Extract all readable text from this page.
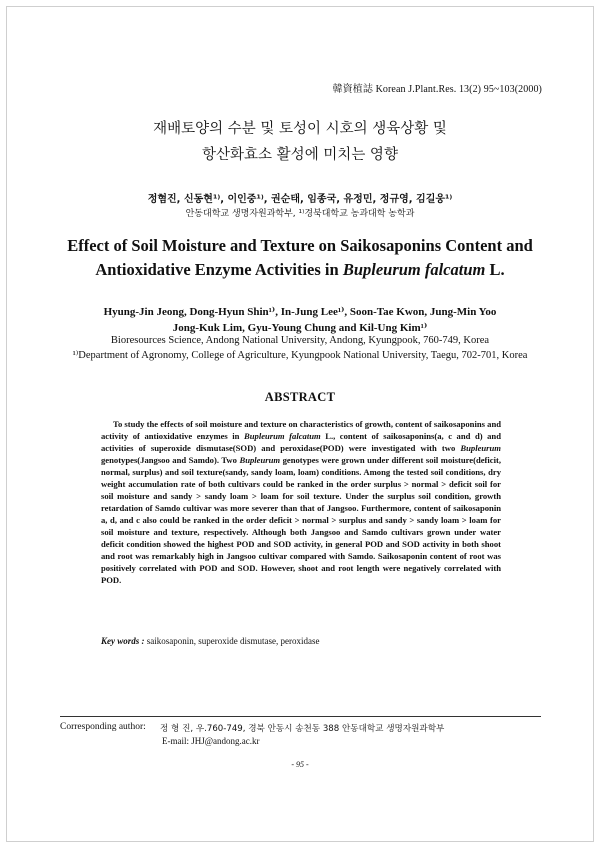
韓資植誌 Korean J.Plant.Res. 13(2) 95~103(2000)
재배토양의 수분 및 토성이 시호의 생육상황 및
항산화효소 활성에 미치는 영향
정혐진, 신동현¹⁾, 이인중¹⁾, 권순태, 임종국, 유정민, 정규영, 김길웅¹⁾
안동대학교 생명자원과학부, ¹⁾경북대학교 농과대학 농학과
Effect of Soil Moisture and Texture on Saikosaponins Content and
Antioxidative Enzyme Activities in Bupleurum falcatum L.
Hyung-Jin Jeong, Dong-Hyun Shin¹⁾, In-Jung Lee¹⁾, Soon-Tae Kwon, Jung-Min Yoo
Jong-Kuk Lim, Gyu-Young Chung and Kil-Ung Kim¹⁾
Bioresources Science, Andong National University, Andong, Kyungpook, 760-749, Korea
¹⁾Department of Agronomy, College of Agriculture, Kyungpook National University, Taegu, 702-701, Korea
ABSTRACT

To study the effects of soil moisture and texture on characteristics of growth, content of saikosaponins and activity of antioxidative enzymes in Bupleurum falcatum L., content of saikosaponins(a, c and d) and activities of superoxide dismutase(SOD) and peroxidase(POD) were investigated with two Bupleurum genotypes(Jangsoo and Samdo). Two Bupleurum genotypes were grown under different soil moisture(deficit, normal, surplus) and soil texture(sandy, sandy loam, loam) conditions. Among the tested soil conditions, dry weight accumulation rate of both cultivars could be ranked in the order surplus > normal > deficit soil for soil moisture and sandy > sandy loam > loam for soil texture. Under the surplus soil condition, growth retardation of Samdo cultivar was more severer than that of Jangsoo. Furthermore, content of saikosaponin a, d, and c also could be ranked in the order deficit > normal > surplus and sandy > sandy loam > loam for soil moisture and texture, respectively. Although both Jangsoo and Samdo cultivars grown under water deficit condition showed the highest POD and SOD activity, in general POD and SOD activity in both shoot and root was remarkably high in Jangsoo cultivar compared with Samdo. Saikosaponin content of root was positively correlated with POD and SOD. However, shoot and root length were negatively correlated with POD.

Key words : saikosaponin, superoxide dismutase, peroxidase
Corresponding author: 정 형 진, 우.760-749, 경북 안동시 송천동 388 안동대학교 생명자원과학부
E-mail: JHJ@andong.ac.kr
- 95 -
